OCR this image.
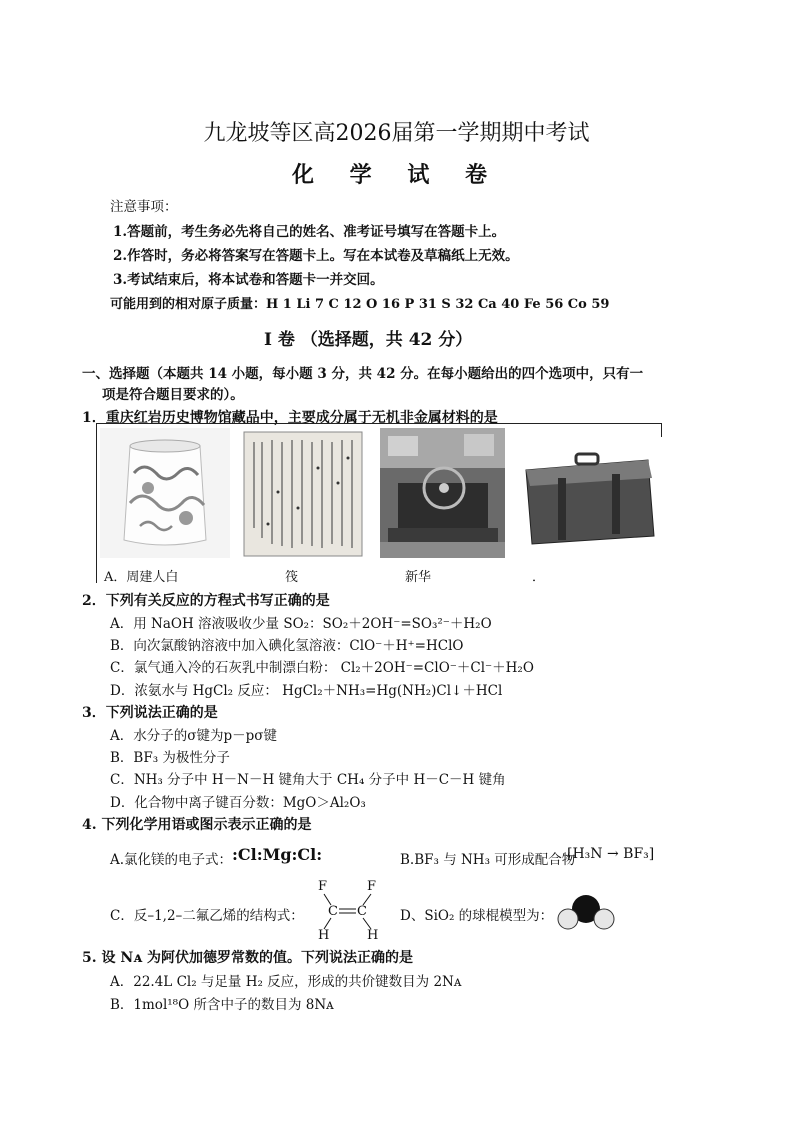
九龙坡等区高2026届第一学期期中考试
化 学 试 卷
注意事项：
1.答题前，考生务必先将自己的姓名、准考证号填写在答题卡上。
2.作答时，务必将答案写在答题卡上。写在本试卷及草稿纸上无效。
3.考试结束后，将本试卷和答题卡一并交回。
可能用到的相对原子质量：H 1 Li 7 C 12 O 16 P 31 S 32 Ca 40 Fe 56 Co 59
I 卷 （选择题，共 42 分）
一、选择题（本题共 14 小题，每小题 3 分，共 42 分。在每小题给出的四个选项中，只有一
项是符合题目要求的）。
1．重庆红岩历史博物馆藏品中，主要成分属于无机非金属材料的是
A．周建人白	筏	新华	．
2．下列有关反应的方程式书写正确的是
A．用 NaOH 溶液吸收少量 SO₂：SO₂＋2OH⁻=SO₃²⁻＋H₂O
B．向次氯酸钠溶液中加入碘化氢溶液：ClO⁻＋H⁺=HClO
C．氯气通入冷的石灰乳中制漂白粉： Cl₂＋2OH⁻=ClO⁻＋Cl⁻＋H₂O
D．浓氨水与 HgCl₂ 反应： HgCl₂＋NH₃=Hg(NH₂)Cl↓＋HCl
3．下列说法正确的是
A．水分子的σ键为p－pσ键
B．BF₃ 为极性分子
C．NH₃ 分子中 H－N－H 键角大于 CH₄ 分子中 H－C－H 键角
D．化合物中离子键百分数：MgO＞Al₂O₃
4. 下列化学用语或图示表示正确的是
A.氯化镁的电子式： :Cl:Mg:Cl:	B.BF₃ 与 NH₃ 可形成配合物
[H₃N → BF₃]
C．反–1,2–二氟乙烯的结构式：
F	F
C C
H	H
D、SiO₂ 的球棍模型为：
5. 设 Nᴀ 为阿伏加德罗常数的值。下列说法正确的是
A．22.4L Cl₂ 与足量 H₂ 反应，形成的共价键数目为 2Nᴀ
B．1mol¹⁸O 所含中子的数目为 8Nᴀ
